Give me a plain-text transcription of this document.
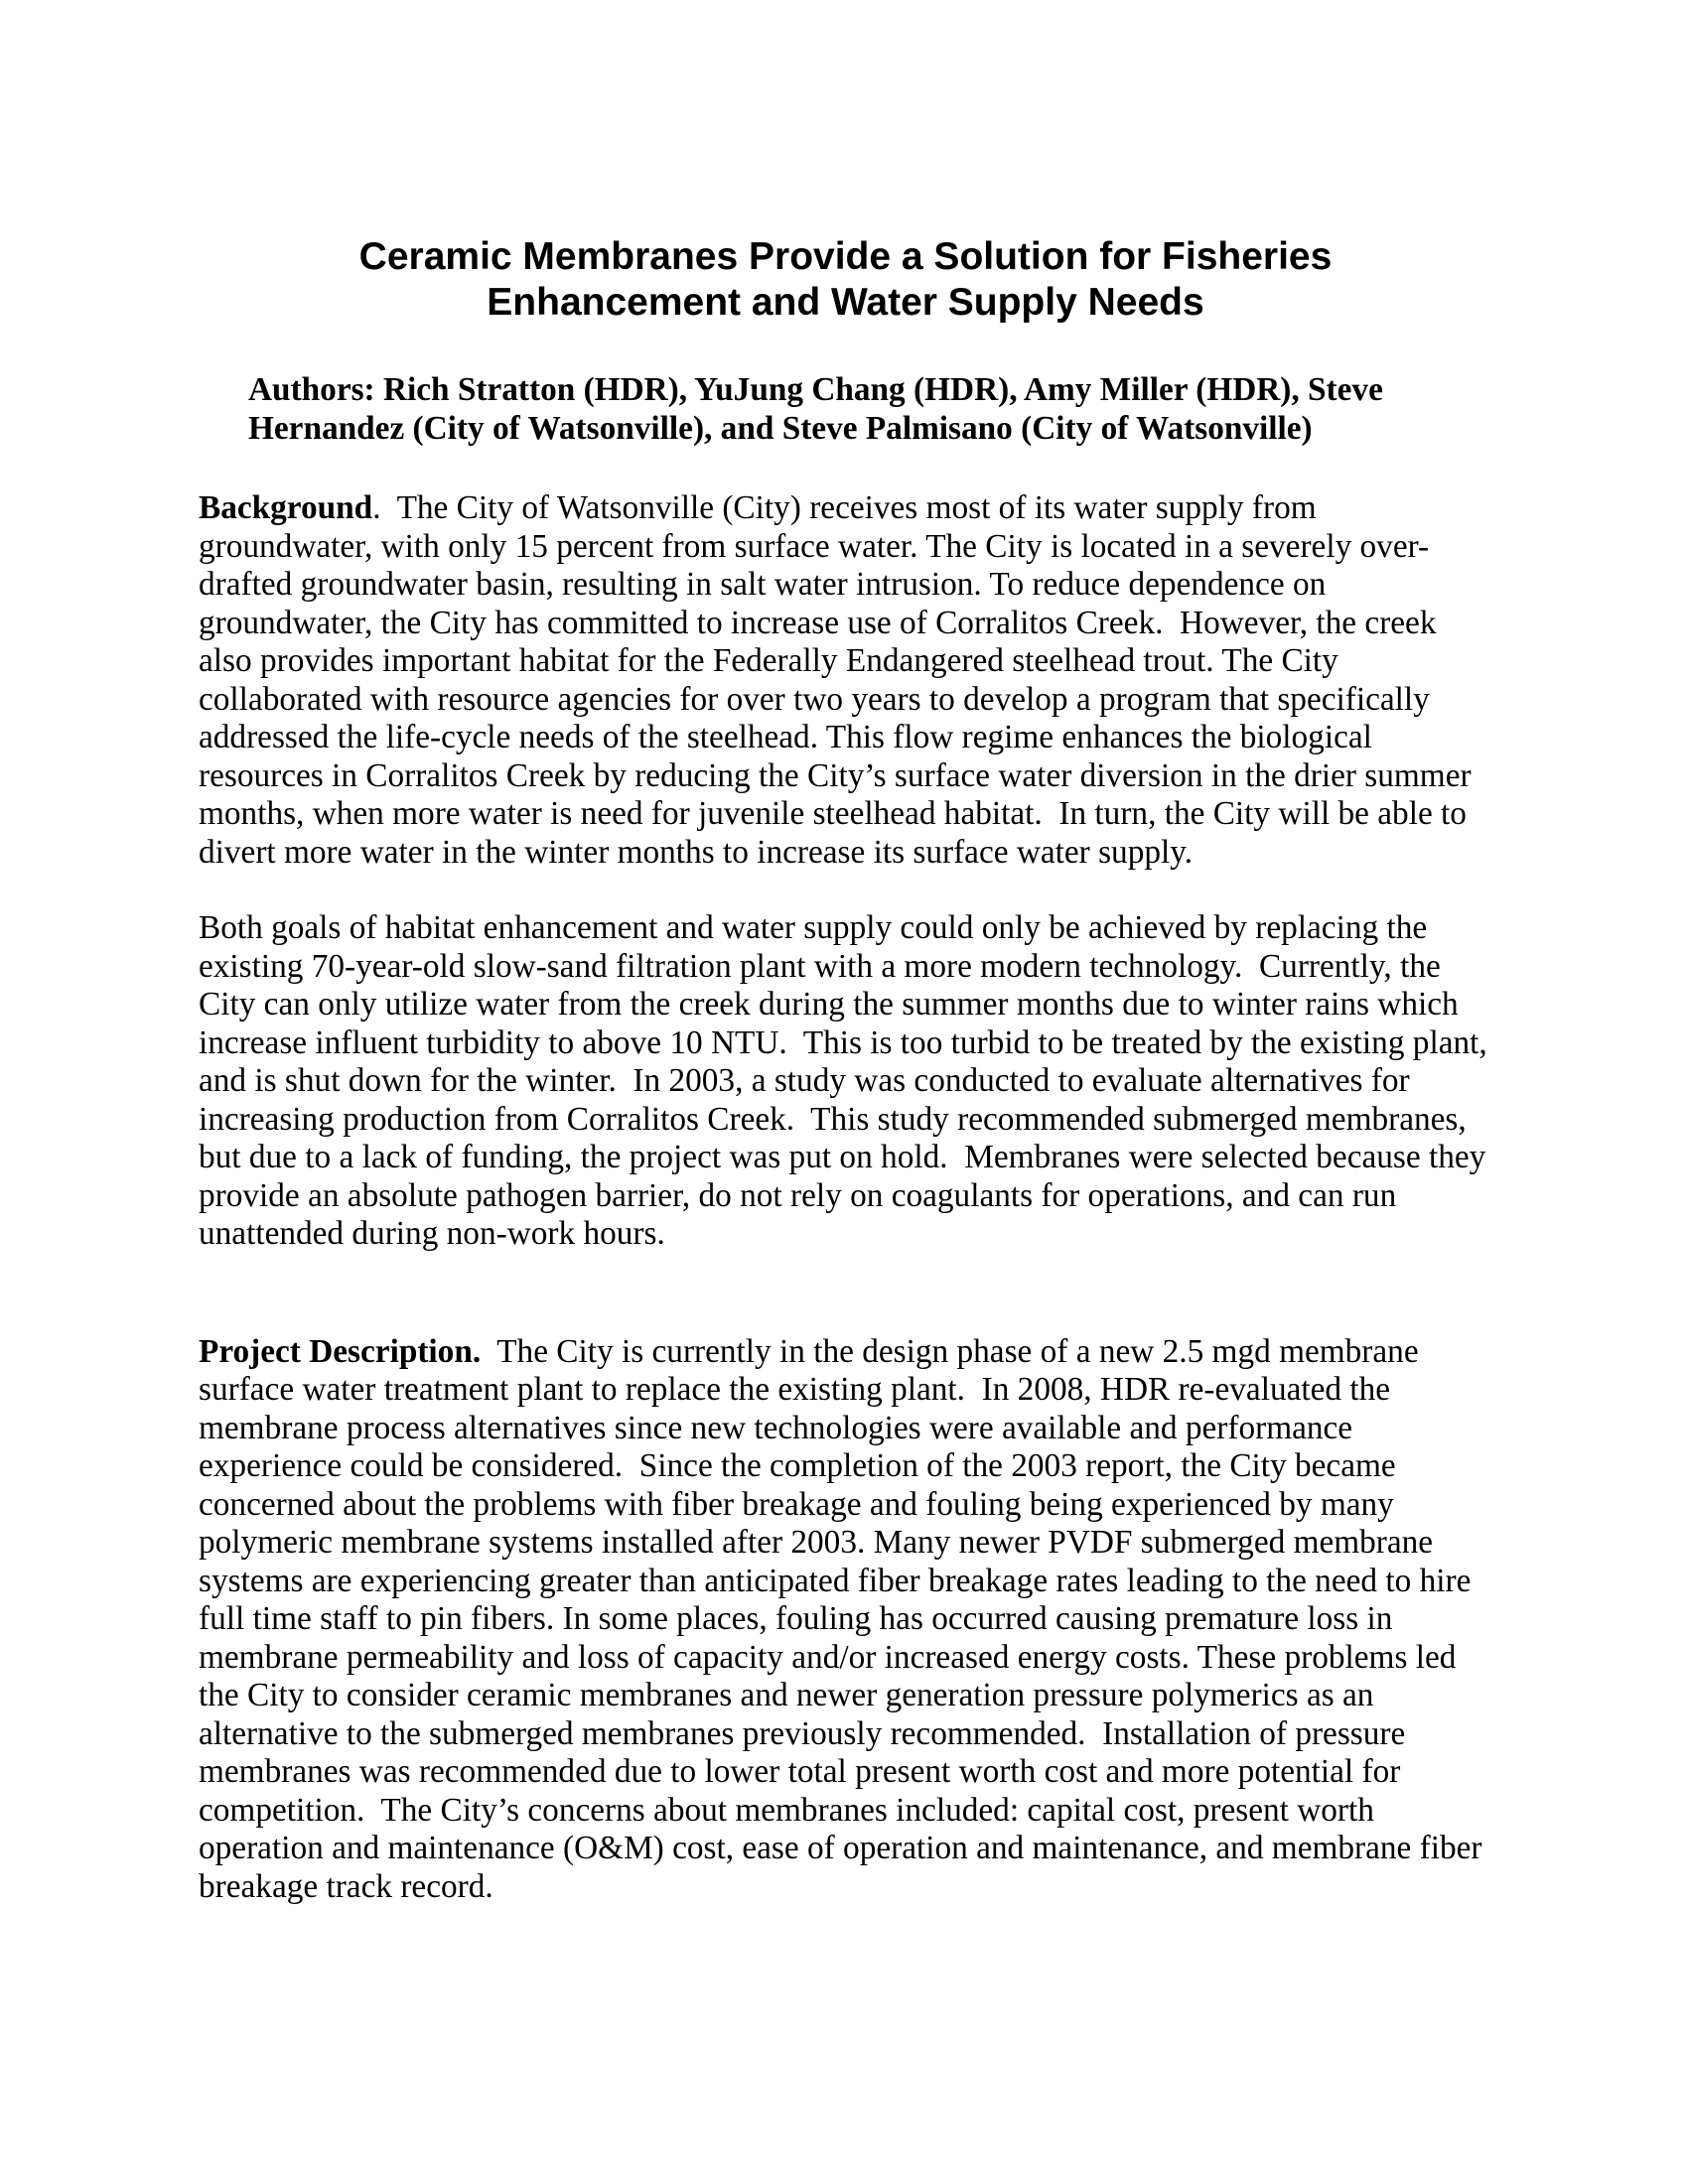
Ceramic Membranes Provide a Solution for Fisheries
Enhancement and Water Supply Needs

Authors: Rich Stratton (HDR), YuJung Chang (HDR), Amy Miller (HDR), Steve
Hernandez (City of Watsonville), and Steve Palmisano (City of Watsonville)

Background.  The City of Watsonville (City) receives most of its water supply from groundwater, with only 15 percent from surface water. The City is located in a severely over-drafted groundwater basin, resulting in salt water intrusion. To reduce dependence on groundwater, the City has committed to increase use of Corralitos Creek.  However, the creek also provides important habitat for the Federally Endangered steelhead trout. The City collaborated with resource agencies for over two years to develop a program that specifically addressed the life-cycle needs of the steelhead. This flow regime enhances the biological resources in Corralitos Creek by reducing the City’s surface water diversion in the drier summer months, when more water is need for juvenile steelhead habitat.  In turn, the City will be able to divert more water in the winter months to increase its surface water supply.

Both goals of habitat enhancement and water supply could only be achieved by replacing the existing 70-year-old slow-sand filtration plant with a more modern technology.  Currently, the City can only utilize water from the creek during the summer months due to winter rains which increase influent turbidity to above 10 NTU.  This is too turbid to be treated by the existing plant, and is shut down for the winter.  In 2003, a study was conducted to evaluate alternatives for increasing production from Corralitos Creek.  This study recommended submerged membranes, but due to a lack of funding, the project was put on hold.  Membranes were selected because they provide an absolute pathogen barrier, do not rely on coagulants for operations, and can run unattended during non-work hours.

Project Description. The City is currently in the design phase of a new 2.5 mgd membrane surface water treatment plant to replace the existing plant.  In 2008, HDR re-evaluated the membrane process alternatives since new technologies were available and performance experience could be considered.  Since the completion of the 2003 report, the City became concerned about the problems with fiber breakage and fouling being experienced by many polymeric membrane systems installed after 2003. Many newer PVDF submerged membrane systems are experiencing greater than anticipated fiber breakage rates leading to the need to hire full time staff to pin fibers. In some places, fouling has occurred causing premature loss in membrane permeability and loss of capacity and/or increased energy costs. These problems led the City to consider ceramic membranes and newer generation pressure polymerics as an alternative to the submerged membranes previously recommended.  Installation of pressure membranes was recommended due to lower total present worth cost and more potential for competition.  The City’s concerns about membranes included: capital cost, present worth operation and maintenance (O&M) cost, ease of operation and maintenance, and membrane fiber breakage track record.
